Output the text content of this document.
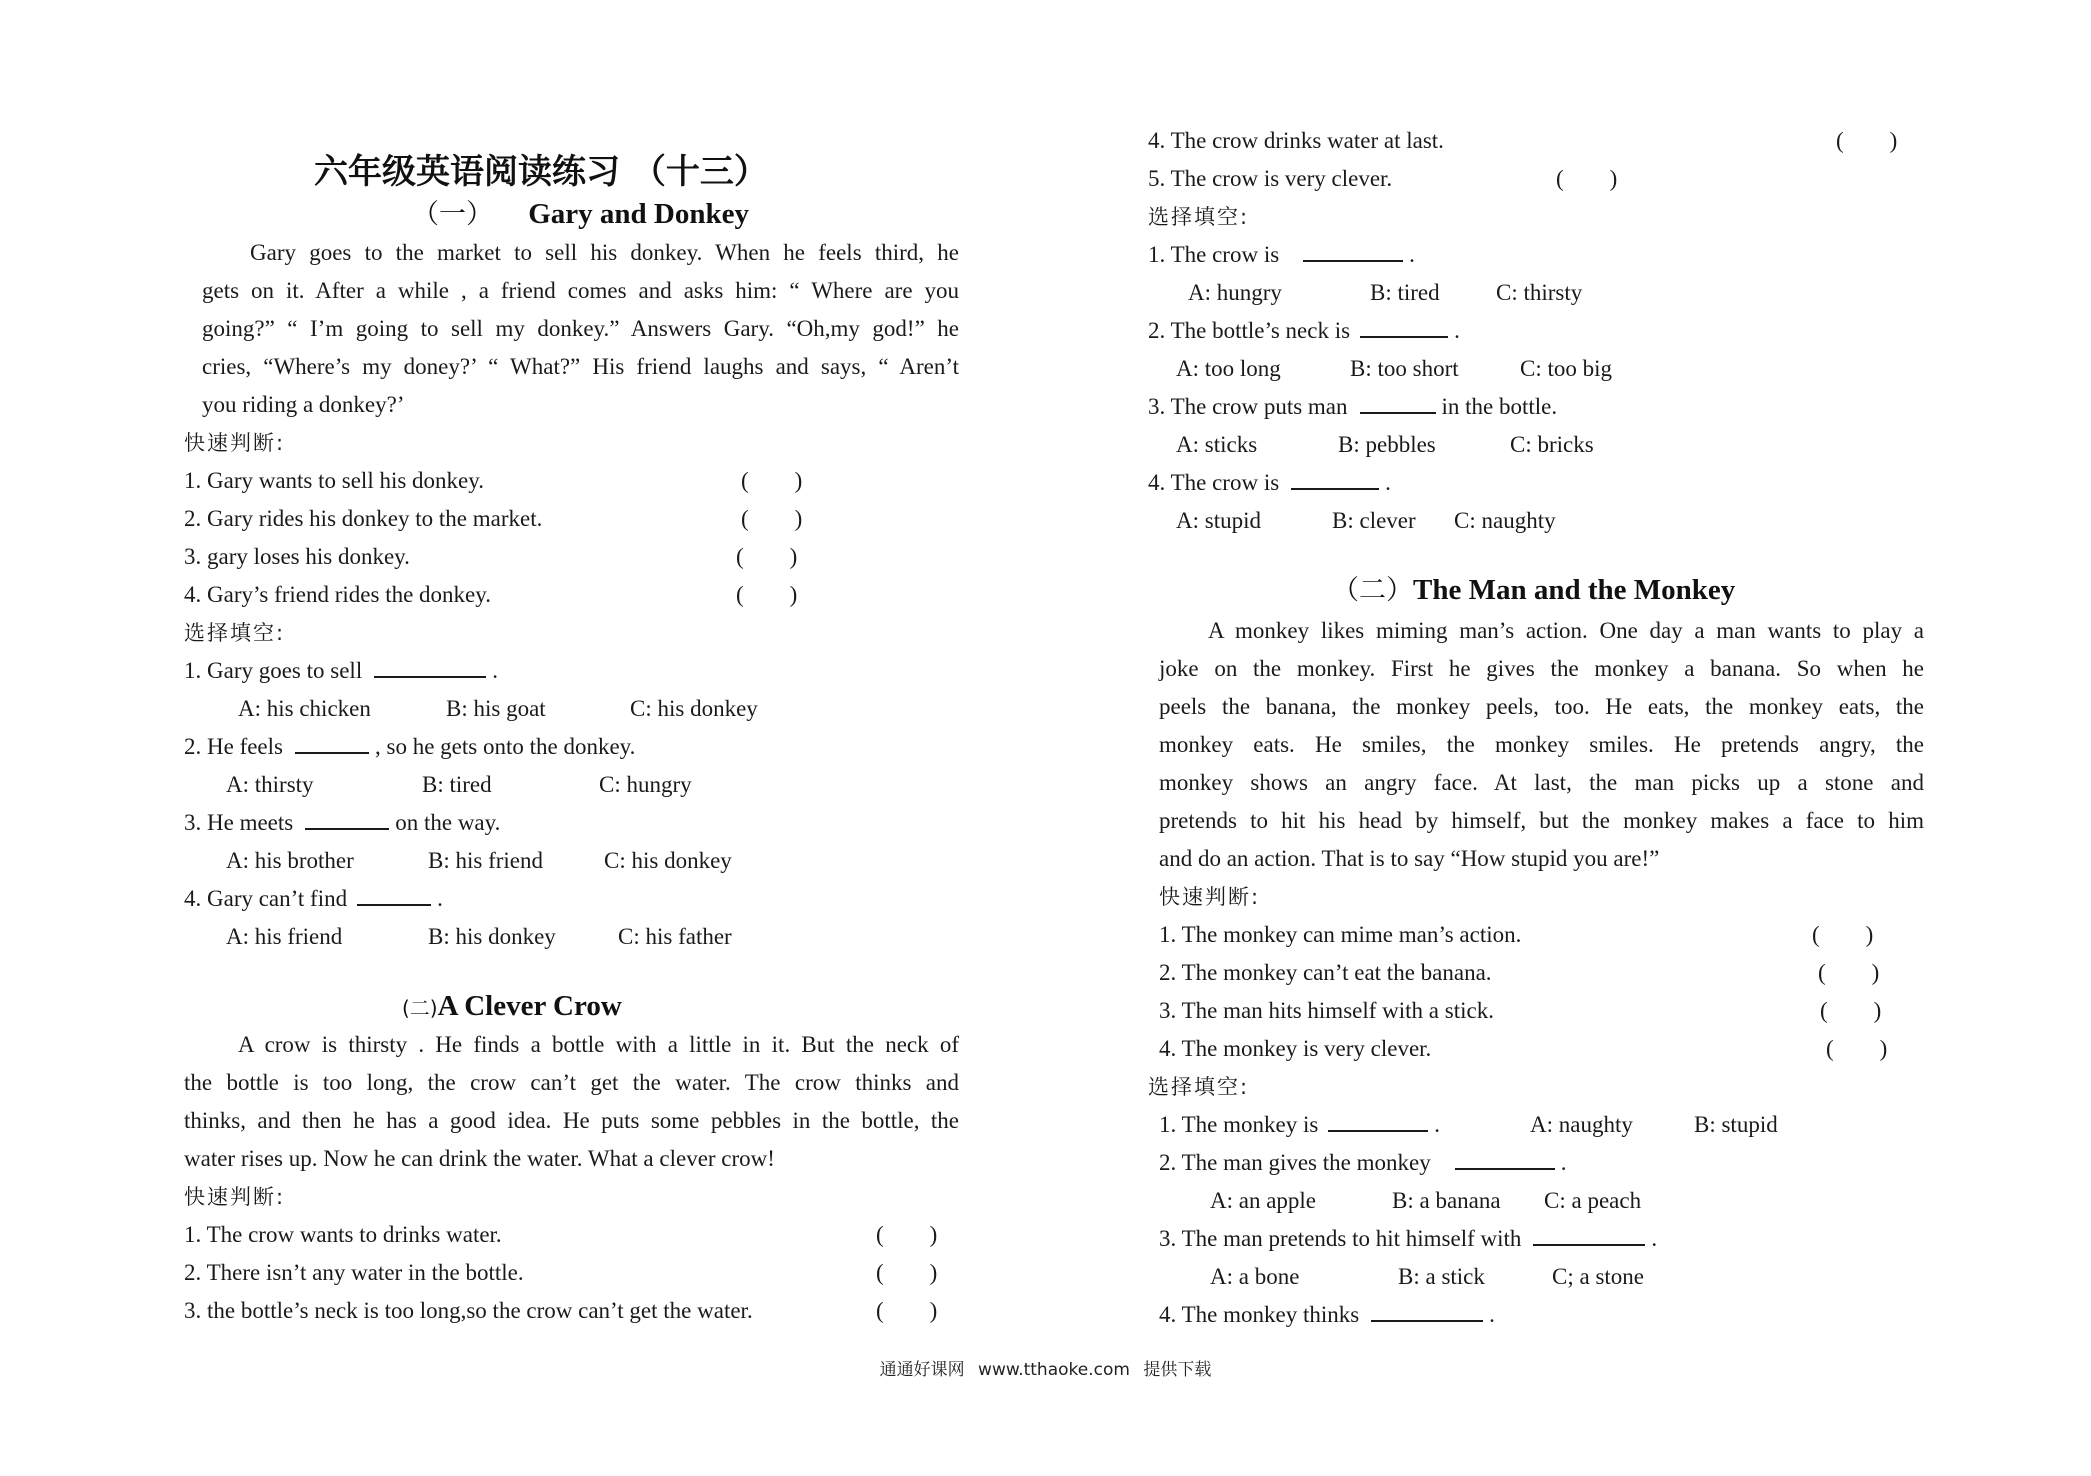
六年级英语阅读练习 （十三）
（一） Gary and Donkey
Gary goes to the market to sell his donkey. When he feels third, he
gets on it. After a while , a friend comes and asks him: “ Where are you
going?” “ I’m going to sell my donkey.” Answers Gary. “Oh,my god!” he
cries, “Where’s my doney?’ “ What?” His friend laughs and says, “ Aren’t
you riding a donkey?’
快速判断:
1. Gary wants to sell his donkey.	(        )
2. Gary rides his donkey to the market.	(        )
3. gary loses his donkey.	(        )
4. Gary’s friend rides the donkey.	(        )
选择填空:
1. Gary goes to sell	.
A: his chicken	B: his goat	C: his donkey
2. He feels	, so he gets onto the donkey.
A: thirsty	B: tired	C: hungry
3. He meets	on the way.
A: his brother	B: his friend	C: his donkey
4. Gary can’t find	.
A: his friend	B: his donkey	C: his father
(二)A Clever Crow
A crow is thirsty . He finds a bottle with a little in it. But the neck of
the bottle is too long, the crow can’t get the water. The crow thinks and
thinks, and then he has a good idea. He puts some pebbles in the bottle, the
water rises up. Now he can drink the water. What a clever crow!
快速判断:
1. The crow wants to drinks water.	(        )
2. There isn’t any water in the bottle.	(        )
3. the bottle’s neck is too long,so the crow can’t get the water.	(        )
4. The crow drinks water at last.	(        )
5. The crow is very clever.	(        )
选择填空:
1. The crow is	.
A: hungry	B: tired C: thirsty
2. The bottle’s neck is	.
A: too long	B: too short	C: too big
3. The crow puts man	in the bottle.
A: sticks	B: pebbles	C: bricks
4. The crow is	.
A: stupid	B: clever C: naughty
（二）The Man and the Monkey
A monkey likes miming man’s action. One day a man wants to play a
joke on the monkey. First he gives the monkey a banana. So when he
peels the banana, the monkey peels, too. He eats, the monkey eats, the
monkey eats. He smiles, the monkey smiles. He pretends angry, the
monkey shows an angry face. At last, the man picks up a stone and
pretends to hit his head by himself, but the monkey makes a face to him
and do an action. That is to say “How stupid you are!”
快速判断:
1. The monkey can mime man’s action.	(        )
2. The monkey can’t eat the banana.	(        )
3. The man hits himself with a stick.	(        )
4. The monkey is very clever.	(        )
选择填空:
1. The monkey is	.	A: naughty	B: stupid
2. The man gives the monkey	.
A: an apple	B: a banana C: a peach
3. The man pretends to hit himself with	.
A: a bone	B: a stick	C; a stone
4. The monkey thinks	.
通通好课网 www.tthaoke.com 提供下载
